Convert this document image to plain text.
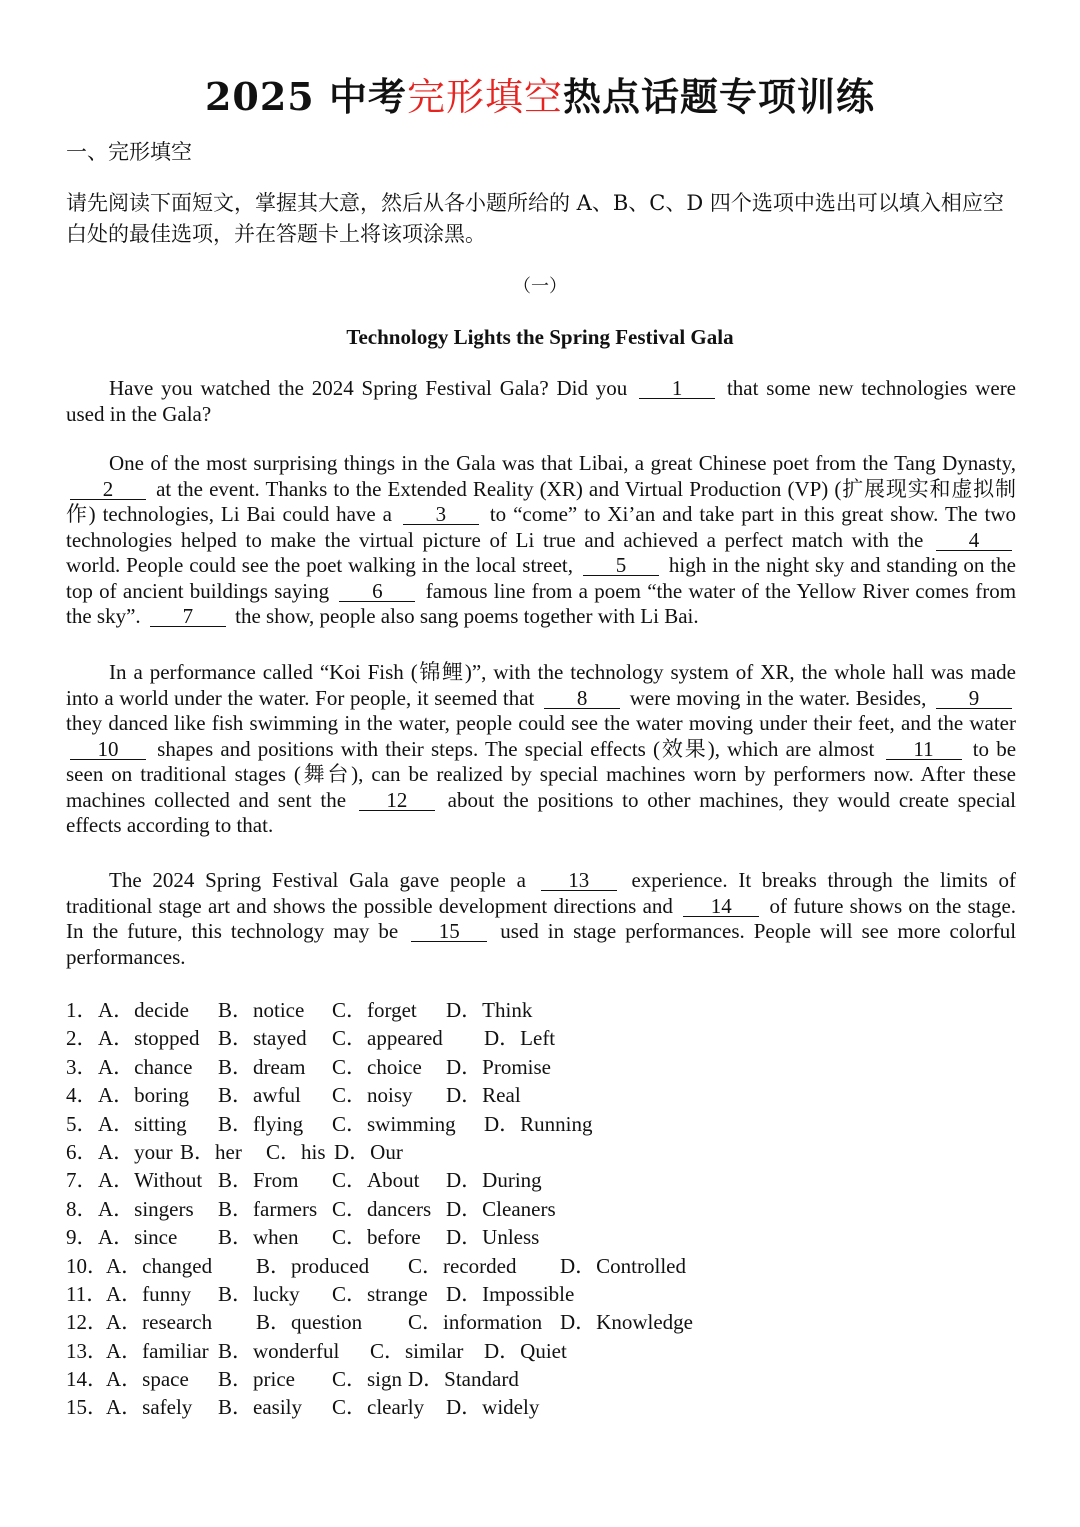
2025 中考完形填空热点话题专项训练
一、完形填空
请先阅读下面短文，掌握其大意，然后从各小题所给的 A、B、C、D 四个选项中选出可以填入相应空白处的最佳选项，并在答题卡上将该项涂黑。
（一）
Technology Lights the Spring Festival Gala

Have you watched the 2024 Spring Festival Gala? Did you 1 that some new technologies were used in the Gala?

One of the most surprising things in the Gala was that Libai, a great Chinese poet from the Tang Dynasty, 2 at the event. Thanks to the Extended Reality (XR) and Virtual Production (VP) (扩展现实和虚拟制作) technologies, Li Bai could have a 3 to “come” to Xi’an and take part in this great show. The two technologies helped to make the virtual picture of Li true and achieved a perfect match with the 4 world. People could see the poet walking in the local street, 5 high in the night sky and standing on the top of ancient buildings saying 6 famous line from a poem “the water of the Yellow River comes from the sky”. 7 the show, people also sang poems together with Li Bai.

In a performance called “Koi Fish (锦鲤)”, with the technology system of XR, the whole hall was made into a world under the water. For people, it seemed that 8 were moving in the water. Besides, 9 they danced like fish swimming in the water, people could see the water moving under their feet, and the water 10 shapes and positions with their steps. The special effects (效果), which are almost 11 to be seen on traditional stages (舞台), can be realized by special machines worn by performers now. After these machines collected and sent the 12 about the positions to other machines, they would create special effects according to that.

The 2024 Spring Festival Gala gave people a 13 experience. It breaks through the limits of traditional stage art and shows the possible development directions and 14 of future shows on the stage. In the future, this technology may be 15 used in stage performances. People will see more colorful performances.

1．A．decide B．notice C．forget D．Think
2．A．stopped B．stayed C．appeared D．Left
3．A．chance B．dream C．choice D．Promise
4．A．boring B．awful C．noisy D．Real
5．A．sitting B．flying C．swimming D．Running
6．A．your B．her C．his D．Our
7．A．Without B．From C．About D．During
8．A．singers B．farmers C．dancers D．Cleaners
9．A．since B．when C．before D．Unless
10．A．changed B．produced C．recorded D．Controlled
11．A．funny B．lucky C．strange D．Impossible
12．A．research B．question C．information D．Knowledge
13．A．familiar B．wonderful C．similar D．Quiet
14．A．space B．price C．sign D．Standard
15．A．safely B．easily C．clearly D．widely
